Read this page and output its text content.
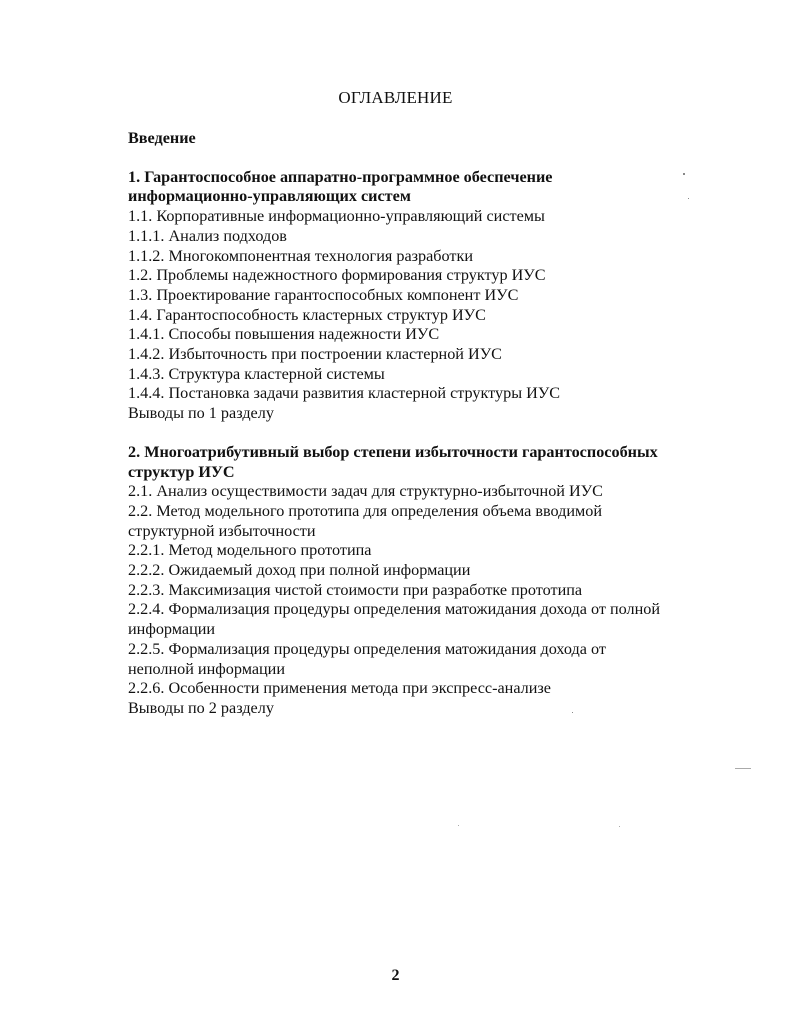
ОГЛАВЛЕНИЕ
Введение
1. Гарантоспособное аппаратно-программное обеспечение
информационно-управляющих систем
1.1. Корпоративные информационно-управляющий системы
1.1.1. Анализ подходов
1.1.2. Многокомпонентная технология разработки
1.2. Проблемы надежностного формирования структур ИУС
1.3. Проектирование гарантоспособных компонент ИУС
1.4. Гарантоспособность кластерных структур ИУС
1.4.1. Способы повышения надежности ИУС
1.4.2. Избыточность при построении кластерной ИУС
1.4.3. Структура кластерной системы
1.4.4. Постановка задачи развития кластерной структуры ИУС
Выводы по 1 разделу
2. Многоатрибутивный выбор степени избыточности гарантоспособных
структур ИУС
2.1. Анализ осуществимости задач для структурно-избыточной ИУС
2.2. Метод модельного прототипа для определения объема вводимой
структурной избыточности
2.2.1. Метод модельного прототипа
2.2.2. Ожидаемый доход при полной информации
2.2.3. Максимизация чистой стоимости при разработке прототипа
2.2.4. Формализация процедуры определения матожидания дохода от полной
информации
2.2.5. Формализация процедуры определения матожидания дохода от
неполной информации
2.2.6. Особенности применения метода при экспресс-анализе
Выводы по 2 разделу
2
